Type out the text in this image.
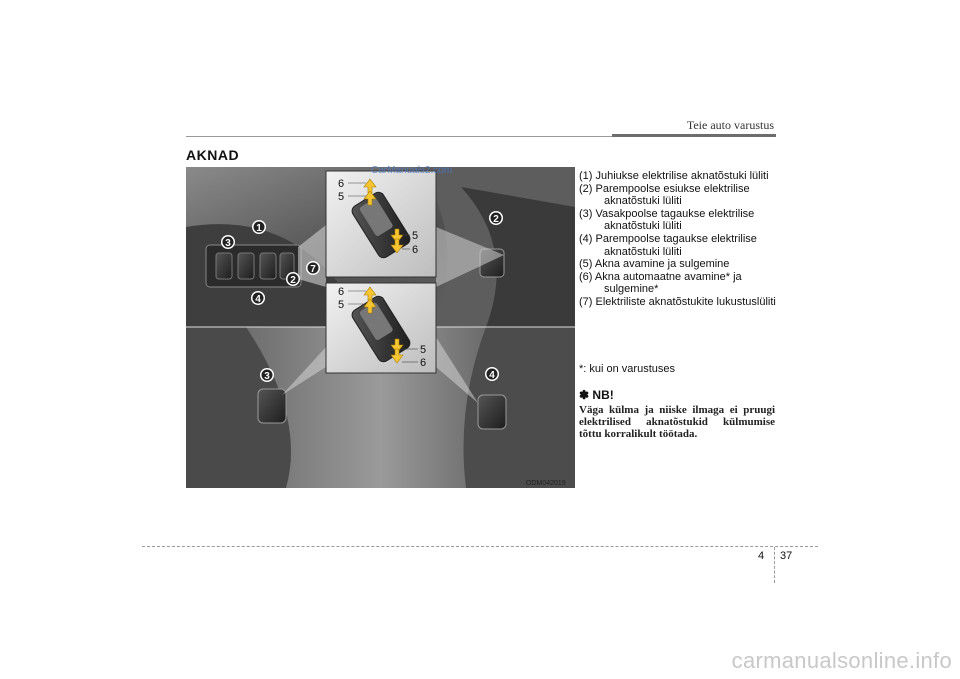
Teie auto varustus
AKNAD
6
5
5
6
6
5
5
6
1
2
3
4
7
2
3	4
CarManuals2.com
ODM042019

(1) Juhiukse elektrilise aknatõstuki lüliti

(2) Parempoolse esiukse elektrilise aknatõstuki lüliti

(3) Vasakpoolse tagaukse elektrilise aknatõstuki lüliti

(4) Parempoolse tagaukse elektrilise aknatõstuki lüliti

(5) Akna avamine ja sulgemine

(6) Akna automaatne avamine* ja sulgemine*

(7) Elektriliste aknatõstukite lukustuslüliti

*: kui on varustuses
✽ NB!
Väga külma ja niiske ilmaga ei pruugi elektrilised aknatõstukid külmumise tõttu korralikult töötada.
4 37
carmanualsonline.info
